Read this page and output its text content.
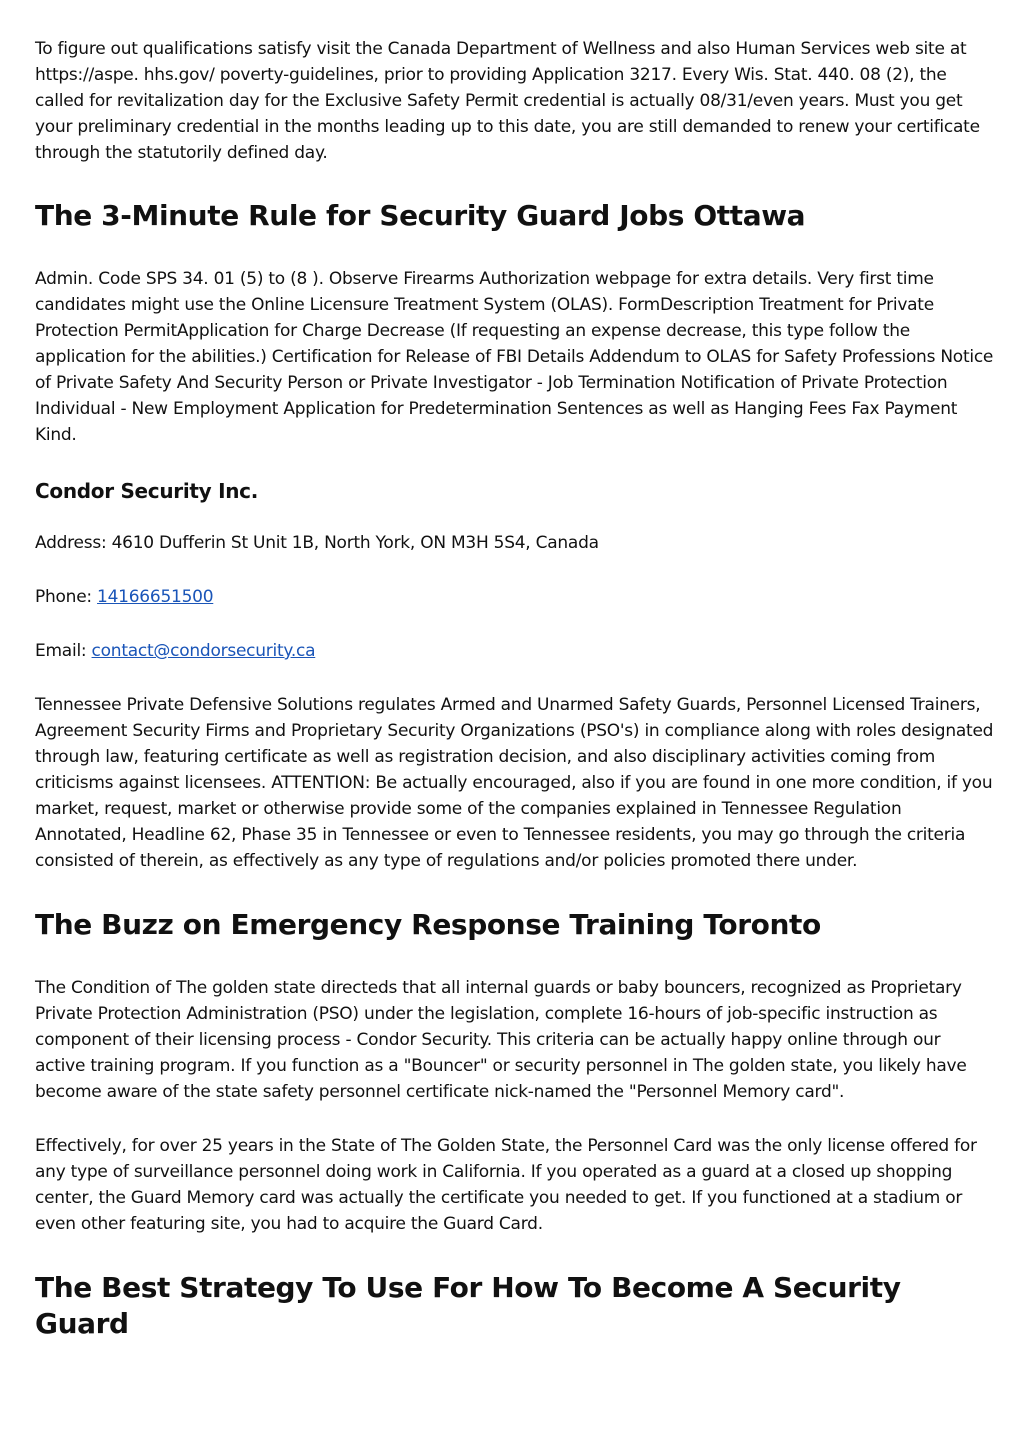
To figure out qualifications satisfy visit the Canada Department of Wellness and also Human Services web site at https://aspe. hhs.gov/ poverty-guidelines, prior to providing Application 3217. Every Wis. Stat. 440. 08 (2), the called for revitalization day for the Exclusive Safety Permit credential is actually 08/31/even years. Must you get your preliminary credential in the months leading up to this date, you are still demanded to renew your certificate through the statutorily defined day.

The 3-Minute Rule for Security Guard Jobs Ottawa

Admin. Code SPS 34. 01 (5) to (8 ). Observe Firearms Authorization webpage for extra details. Very first time candidates might use the Online Licensure Treatment System (OLAS). FormDescription Treatment for Private Protection PermitApplication for Charge Decrease (If requesting an expense decrease, this type follow the application for the abilities.) Certification for Release of FBI Details Addendum to OLAS for Safety Professions Notice of Private Safety And Security Person or Private Investigator - Job Termination Notification of Private Protection Individual - New Employment Application for Predetermination Sentences as well as Hanging Fees Fax Payment Kind.

Condor Security Inc.

Address: 4610 Dufferin St Unit 1B, North York, ON M3H 5S4, Canada

Phone: 14166651500

Email: contact@condorsecurity.ca

Tennessee Private Defensive Solutions regulates Armed and Unarmed Safety Guards, Personnel Licensed Trainers, Agreement Security Firms and Proprietary Security Organizations (PSO's) in compliance along with roles designated through law, featuring certificate as well as registration decision, and also disciplinary activities coming from criticisms against licensees. ATTENTION: Be actually encouraged, also if you are found in one more condition, if you market, request, market or otherwise provide some of the companies explained in Tennessee Regulation Annotated, Headline 62, Phase 35 in Tennessee or even to Tennessee residents, you may go through the criteria consisted of therein, as effectively as any type of regulations and/or policies promoted there under.

The Buzz on Emergency Response Training Toronto

The Condition of The golden state directeds that all internal guards or baby bouncers, recognized as Proprietary Private Protection Administration (PSO) under the legislation, complete 16-hours of job-specific instruction as component of their licensing process - Condor Security. This criteria can be actually happy online through our active training program. If you function as a "Bouncer" or security personnel in The golden state, you likely have become aware of the state safety personnel certificate nick-named the "Personnel Memory card".

Effectively, for over 25 years in the State of The Golden State, the Personnel Card was the only license offered for any type of surveillance personnel doing work in California. If you operated as a guard at a closed up shopping center, the Guard Memory card was actually the certificate you needed to get. If you functioned at a stadium or even other featuring site, you had to acquire the Guard Card.

The Best Strategy To Use For How To Become A Security Guard
